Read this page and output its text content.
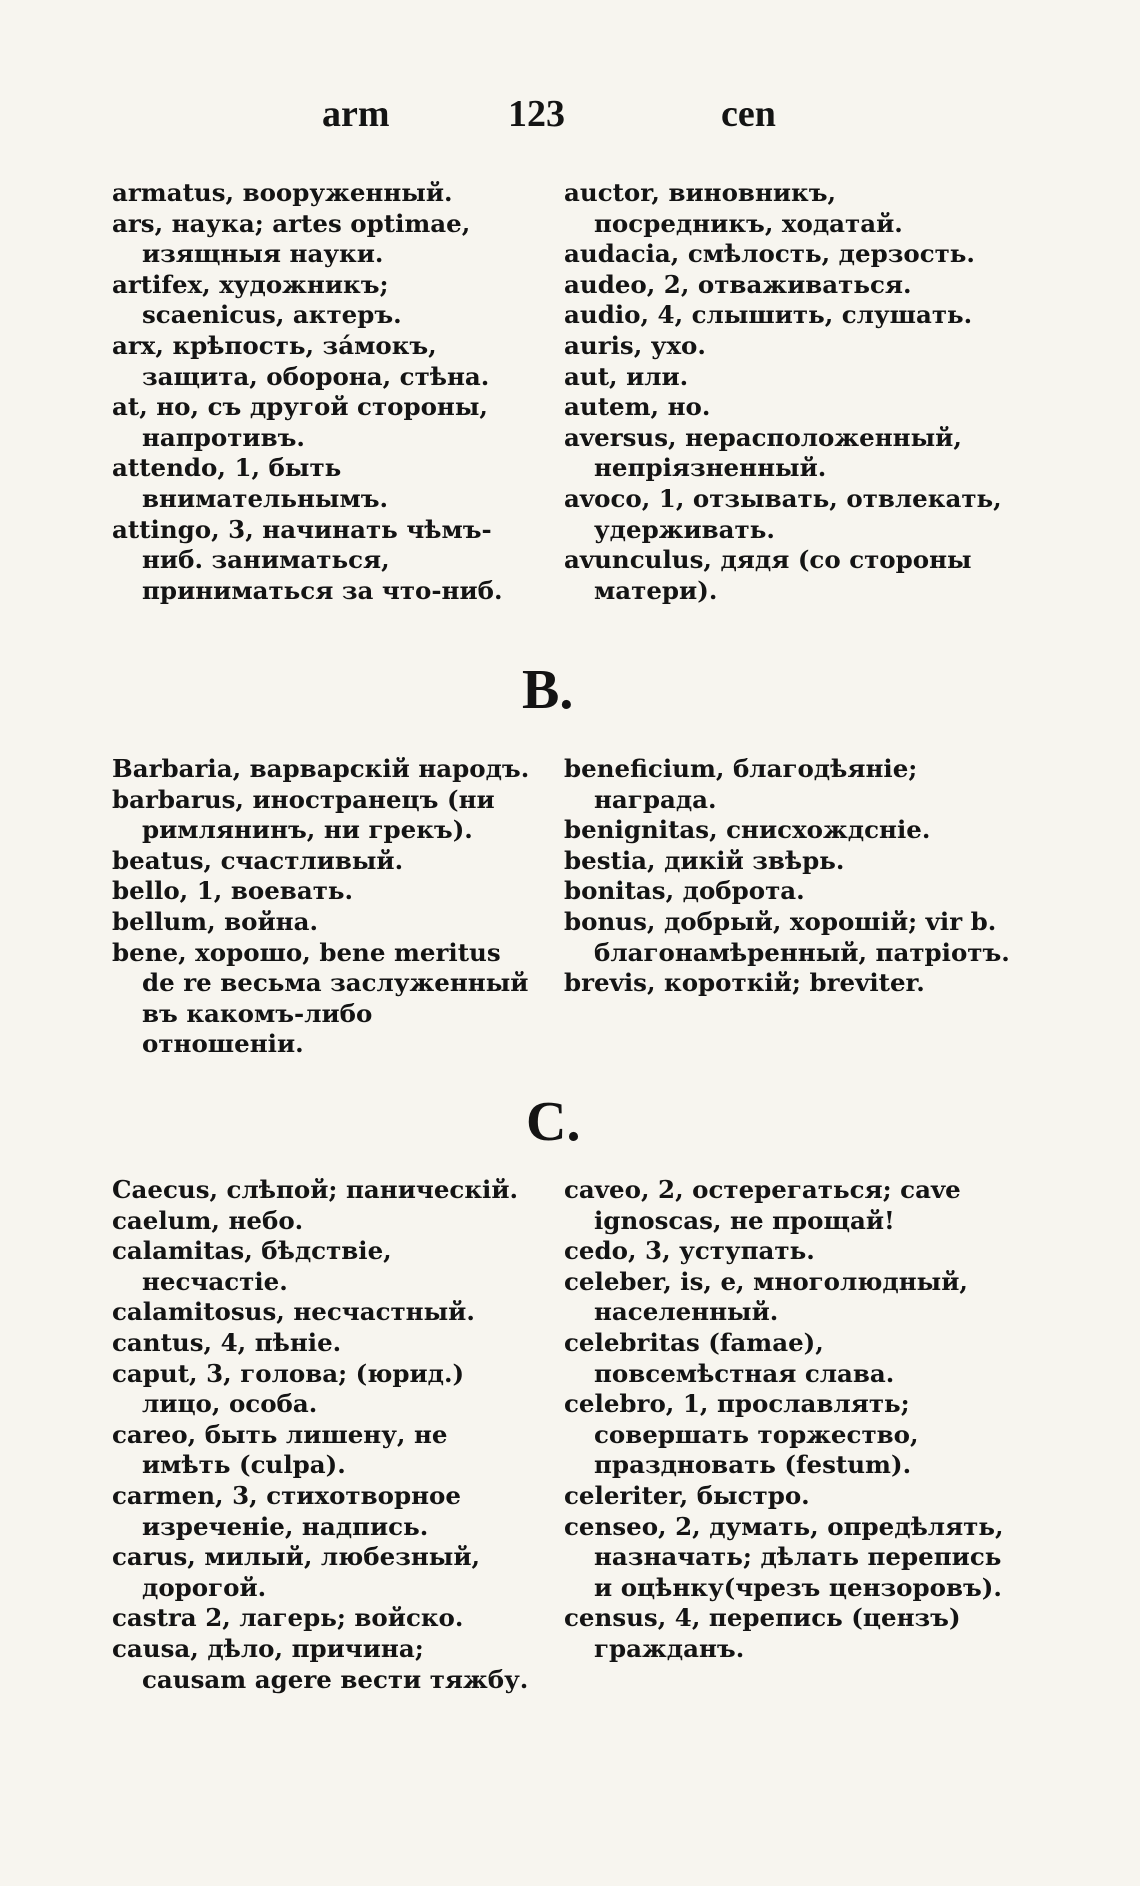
arm	123	cen
armatus, вооруженный.
ars, наука; artes optimae, изящныя науки.
artifex, художникъ; scaenicus, актеръ.
arx, крѣпость, за́мокъ, защита, оборона, стѣна.
at, но, съ другой стороны, напротивъ.
attendo, 1, быть внимательнымъ.
attingo, 3, начинать чѣмъ-ниб. заниматься, приниматься за что-ниб.
auctor, виновникъ, посредникъ, ходатай.
audacia, смѣлость, дерзость.
audeo, 2, отваживаться.
audio, 4, слышить, слушать.
auris, ухо.
aut, или.
autem, но.
aversus, нерасположенный, непріязненный.
avoco, 1, отзывать, отвлекать, удерживать.
avunculus, дядя (со стороны матери).
B.
Barbaria, варварскій народъ.
barbarus, иностранецъ (ни римлянинъ, ни грекъ).
beatus, счастливый.
bello, 1, воевать.
bellum, война.
bene, хорошо, bene meritus de re весьма заслуженный въ какомъ-либо отношеніи.
beneficium, благодѣяніе; награда.
benignitas, снисхождсніе.
bestia, дикій звѣрь.
bonitas, доброта.
bonus, добрый, хорошій; vir b. благонамѣренный, патріотъ.
brevis, короткій; breviter.
C.
Caecus, слѣпой; паническій.
caelum, небо.
calamitas, бѣдствіе, несчастіе.
calamitosus, несчастный.
cantus, 4, пѣніе.
caput, 3, голова; (юрид.) лицо, особа.
careo, быть лишену, не имѣть (culpa).
carmen, 3, стихотворное изреченіе, надпись.
carus, милый, любезный, дорогой.
castra 2, лагерь; войско.
causa, дѣло, причина; causam agere вести тяжбу.
caveo, 2, остерегаться; cave ignoscas, не прощай!
cedo, 3, уступать.
celeber, is, e, многолюдный, населенный.
celebritas (famae), повсемѣстная слава.
celebro, 1, прославлять; совершать торжество, праздновать (festum).
celeriter, быстро.
censeo, 2, думать, опредѣлять, назначать; дѣлать перепись и оцѣнку(чрезъ цензоровъ).
census, 4, перепись (цензъ) гражданъ.
